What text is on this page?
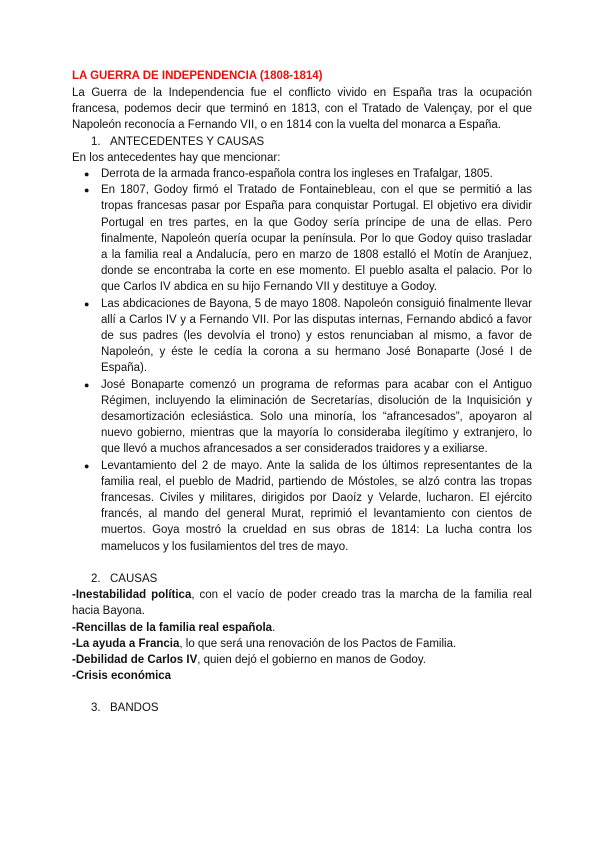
LA GUERRA DE INDEPENDENCIA (1808-1814)

La Guerra de la Independencia fue el conflicto vivido en España tras la ocupación francesa, podemos decir que terminó en 1813, con el Tratado de Valençay, por el que Napoleón reconocía a Fernando VII, o en 1814 con la vuelta del monarca a España.

1. ANTECEDENTES Y CAUSAS

En los antecedentes hay que mencionar:

● Derrota de la armada franco-española contra los ingleses en Trafalgar, 1805.
● En 1807, Godoy firmó el Tratado de Fontainebleau, con el que se permitió a las tropas francesas pasar por España para conquistar Portugal. El objetivo era dividir Portugal en tres partes, en la que Godoy sería príncipe de una de ellas. Pero finalmente, Napoleón quería ocupar la península. Por lo que Godoy quiso trasladar a la familia real a Andalucía, pero en marzo de 1808 estalló el Motín de Aranjuez, donde se encontraba la corte en ese momento. El pueblo asalta el palacio. Por lo que Carlos IV abdica en su hijo Fernando VII y destituye a Godoy.
● Las abdicaciones de Bayona, 5 de mayo 1808. Napoleón consiguió finalmente llevar allí a Carlos IV y a Fernando VII. Por las disputas internas, Fernando abdicó a favor de sus padres (les devolvía el trono) y estos renunciaban al mismo, a favor de Napoleón, y éste le cedía la corona a su hermano José Bonaparte (José I de España).
● José Bonaparte comenzó un programa de reformas para acabar con el Antiguo Régimen, incluyendo la eliminación de Secretarías, disolución de la Inquisición y desamortización eclesiástica. Solo una minoría, los “afrancesados”, apoyaron al nuevo gobierno, mientras que la mayoría lo consideraba ilegítimo y extranjero, lo que llevó a muchos afrancesados a ser considerados traidores y a exiliarse.
● Levantamiento del 2 de mayo. Ante la salida de los últimos representantes de la familia real, el pueblo de Madrid, partiendo de Móstoles, se alzó contra las tropas francesas. Civiles y militares, dirigidos por Daoíz y Velarde, lucharon. El ejército francés, al mando del general Murat, reprimió el levantamiento con cientos de muertos. Goya mostró la crueldad en sus obras de 1814: La lucha contra los mamelucos y los fusilamientos del tres de mayo.

2. CAUSAS

-Inestabilidad política, con el vacío de poder creado tras la marcha de la familia real hacia Bayona.

-Rencillas de la familia real española.

-La ayuda a Francia, lo que será una renovación de los Pactos de Familia.

-Debilidad de Carlos IV, quien dejó el gobierno en manos de Godoy.

-Crisis económica

3. BANDOS
